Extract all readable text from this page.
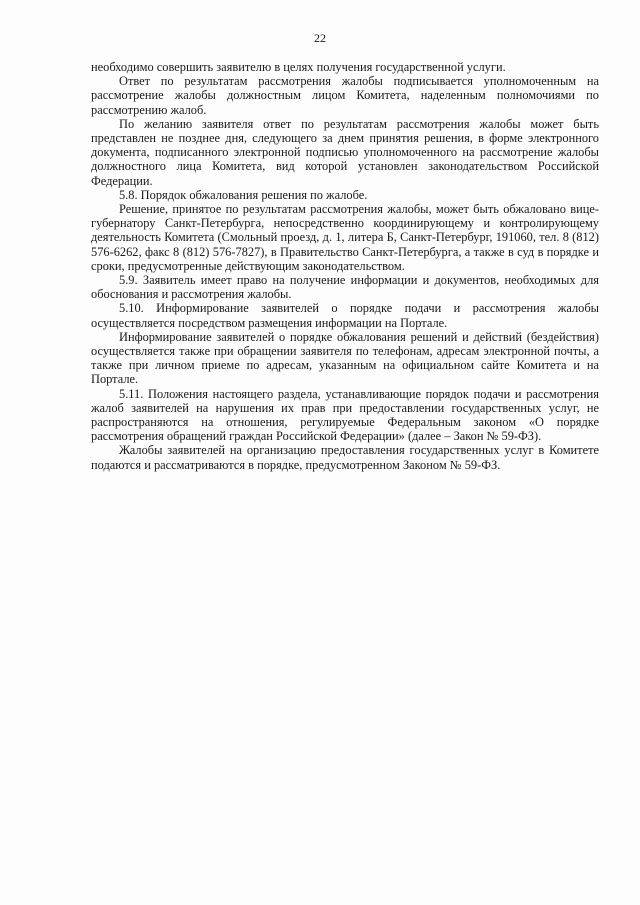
22

необходимо совершить заявителю в целях получения государственной услуги.

Ответ по результатам рассмотрения жалобы подписывается уполномоченным на рассмотрение жалобы должностным лицом Комитета, наделенным полномочиями по рассмотрению жалоб.

По желанию заявителя ответ по результатам рассмотрения жалобы может быть представлен не позднее дня, следующего за днем принятия решения, в форме электронного документа, подписанного электронной подписью уполномоченного на рассмотрение жалобы должностного лица Комитета, вид которой установлен законодательством Российской Федерации.

5.8. Порядок обжалования решения по жалобе.

Решение, принятое по результатам рассмотрения жалобы, может быть обжаловано вице-губернатору Санкт-Петербурга, непосредственно координирующему и контролирующему деятельность Комитета (Смольный проезд, д. 1, литера Б, Санкт-Петербург, 191060, тел. 8 (812) 576-6262, факс 8 (812) 576-7827), в Правительство Санкт-Петербурга, а также в суд в порядке и сроки, предусмотренные действующим законодательством.

5.9. Заявитель имеет право на получение информации и документов, необходимых для обоснования и рассмотрения жалобы.

5.10. Информирование заявителей о порядке подачи и рассмотрения жалобы осуществляется посредством размещения информации на Портале.

Информирование заявителей о порядке обжалования решений и действий (бездействия) осуществляется также при обращении заявителя по телефонам, адресам электронной почты, а также при личном приеме по адресам, указанным на официальном сайте Комитета и на Портале.

5.11. Положения настоящего раздела, устанавливающие порядок подачи и рассмотрения жалоб заявителей на нарушения их прав при предоставлении государственных услуг, не распространяются на отношения, регулируемые Федеральным законом «О порядке рассмотрения обращений граждан Российской Федерации» (далее – Закон № 59-ФЗ).

Жалобы заявителей на организацию предоставления государственных услуг в Комитете подаются и рассматриваются в порядке, предусмотренном Законом № 59-ФЗ.
